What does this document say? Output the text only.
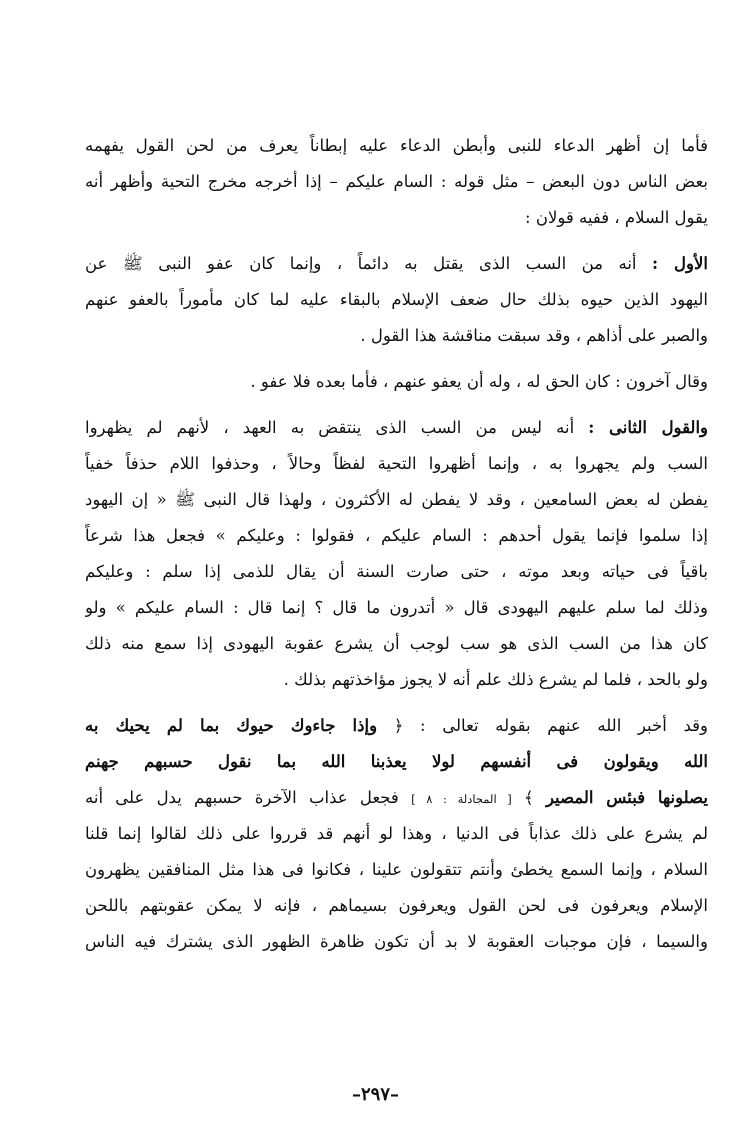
فأما إن أظهر الدعاء للنبى وأبطن الدعاء عليه إبطاناً يعرف من لحن القول يفهمه
بعض الناس دون البعض – مثل قوله : السام عليكم – إذا أخرجه مخرج التحية وأظهر أنه
يقول السلام ، ففيه قولان :
الأول : أنه من السب الذى يقتل به دائماً ، وإنما كان عفو النبى ﷺ عن
اليهود الذين حيوه بذلك حال ضعف الإسلام بالبقاء عليه لما كان مأموراً بالعفو عنهم
والصبر على أذاهم ، وقد سبقت مناقشة هذا القول .
وقال آخرون : كان الحق له ، وله أن يعفو عنهم ، فأما بعده فلا عفو .
والقول الثانى : أنه ليس من السب الذى ينتقض به العهد ، لأنهم لم يظهروا
السب ولم يجهروا به ، وإنما أظهروا التحية لفظاً وحالاً ، وحذفوا اللام حذفاً خفياً
يفطن له بعض السامعين ، وقد لا يفطن له الأكثرون ، ولهذا قال النبى ﷺ « إن اليهود
إذا سلموا فإنما يقول أحدهم : السام عليكم ، فقولوا : وعليكم » فجعل هذا شرعاً
باقياً فى حياته وبعد موته ، حتى صارت السنة أن يقال للذمى إذا سلم : وعليكم
وذلك لما سلم عليهم اليهودى قال « أتدرون ما قال ؟ إنما قال : السام عليكم » ولو
كان هذا من السب الذى هو سب لوجب أن يشرع عقوبة اليهودى إذا سمع منه ذلك
ولو بالحد ، فلما لم يشرع ذلك علم أنه لا يجوز مؤاخذتهم بذلك .
وقد أخبر الله عنهم بقوله تعالى : ﴿ وإذا جاءوك حيوك بما لم يحيك به
الله ويقولون فى أنفسهم لولا يعذبنا الله بما نقول حسبهم جهنم
يصلونها فبئس المصير ﴾ [ المجادلة : ٨ ] فجعل عذاب الآخرة حسبهم يدل على أنه
لم يشرع على ذلك عذاباً فى الدنيا ، وهذا لو أنهم قد قرروا على ذلك لقالوا إنما قلنا
السلام ، وإنما السمع يخطئ وأنتم تتقولون علينا ، فكانوا فى هذا مثل المنافقين يظهرون
الإسلام ويعرفون فى لحن القول ويعرفون بسيماهم ، فإنه لا يمكن عقوبتهم باللحن
والسيما ، فإن موجبات العقوبة لا بد أن تكون ظاهرة الظهور الذى يشترك فيه الناس
–٢٩٧–
